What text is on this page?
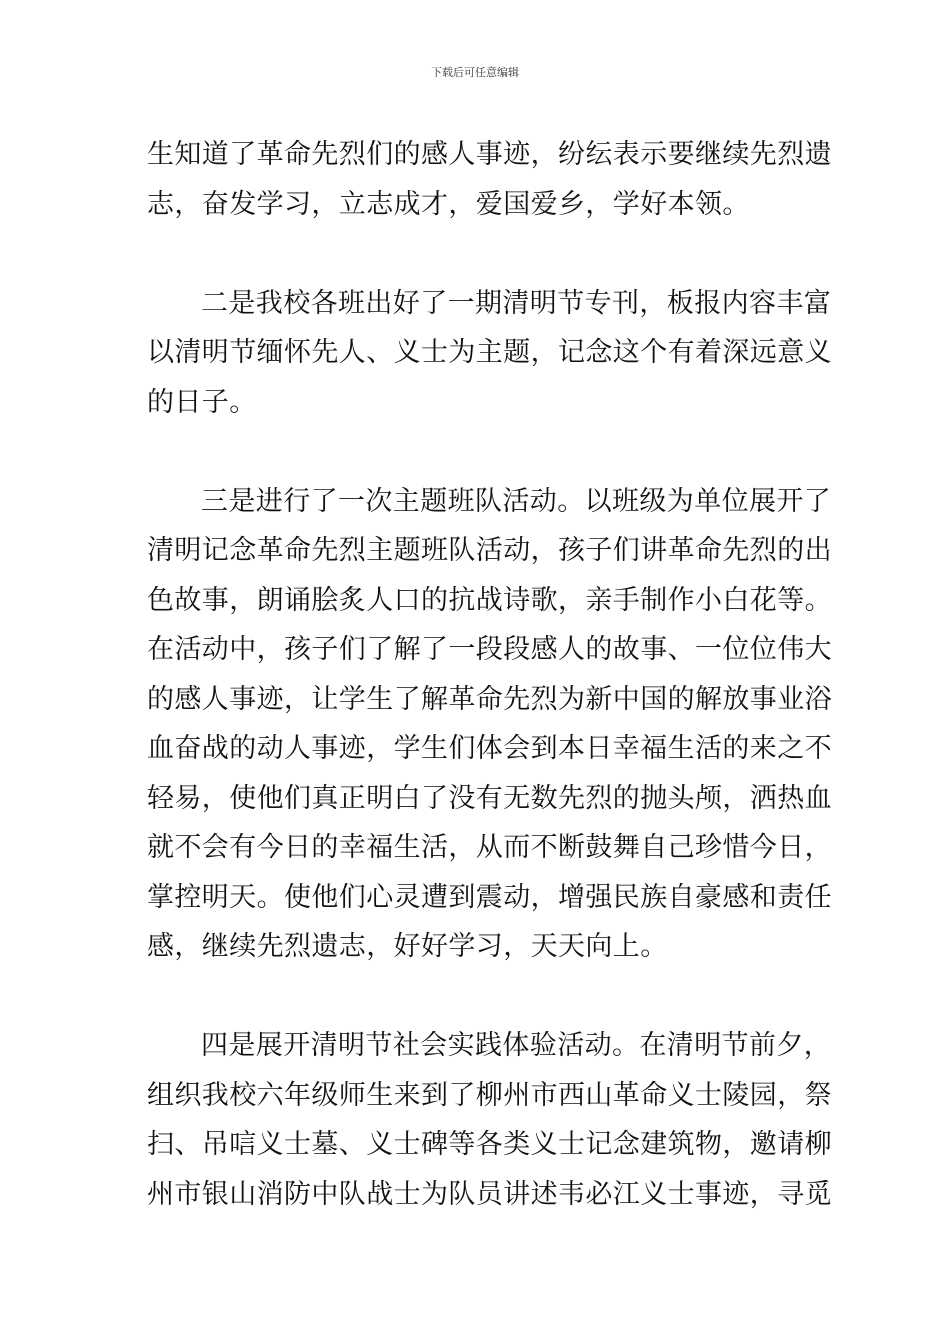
下载后可任意编辑
生知道了革命先烈们的感人事迹，纷纭表示要继续先烈遗
志，奋发学习，立志成才，爱国爱乡，学好本领。
二是我校各班出好了一期清明节专刊，板报内容丰富
以清明节缅怀先人、义士为主题，记念这个有着深远意义
的日子。
三是进行了一次主题班队活动。以班级为单位展开了
清明记念革命先烈主题班队活动，孩子们讲革命先烈的出
色故事，朗诵脍炙人口的抗战诗歌，亲手制作小白花等。
在活动中，孩子们了解了一段段感人的故事、一位位伟大
的感人事迹，让学生了解革命先烈为新中国的解放事业浴
血奋战的动人事迹，学生们体会到本日幸福生活的来之不
轻易，使他们真正明白了没有无数先烈的抛头颅，洒热血
就不会有今日的幸福生活，从而不断鼓舞自己珍惜今日，
掌控明天。使他们心灵遭到震动，增强民族自豪感和责任
感，继续先烈遗志，好好学习，天天向上。
四是展开清明节社会实践体验活动。在清明节前夕，
组织我校六年级师生来到了柳州市西山革命义士陵园，祭
扫、吊唁义士墓、义士碑等各类义士记念建筑物，邀请柳
州市银山消防中队战士为队员讲述韦必江义士事迹，寻觅
